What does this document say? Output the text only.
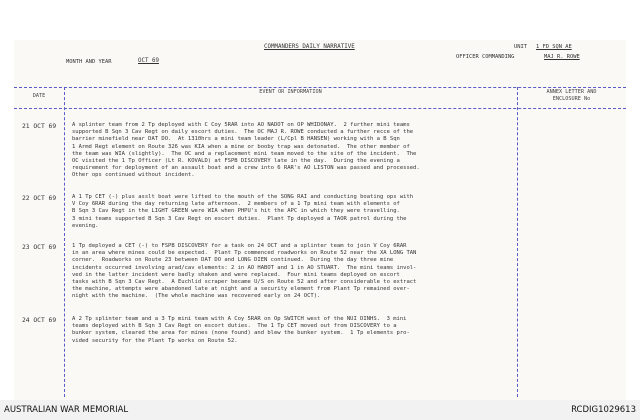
COMMANDERS DAILY NARRATIVE	UNIT 1 FD SQN AE
MONTH AND YEAR	OCT 69
OFFICER COMMANDING	MAJ R. ROWE
DATE
EVENT OR INFORMATION	ANNEX LETTER AND
ENCLOSURE No
21 OCT 69	A splinter team from 2 Tp deployed with C Coy 5RAR into AO NADOT on OP WHIDONAY.  2 further mini teams
supported B Sqn 3 Cav Regt on daily escort duties.  The OC MAJ R. ROWE conducted a further recce of the
barrier minefield near DAT DO.  At 1310hrs a mini team leader (L/Cpl B HANSEN) working with a B Sqn
1 Armd Regt element on Route 326 was KIA when a mine or booby trap was detonated.  The other member of
the team was WIA (slightly).  The OC and a replacement mini team moved to the site of the incident.  The
OC visited the 1 Tp Officer (Lt R. KOVALD) at FSPB DISCOVERY late in the day.  During the evening a
requirement for deployment of an assault boat and a crew into 6 RAR's AO LISTON was passed and processed.
Other ops continued without incident.
22 OCT 69	A 1 Tp CET (-) plus asslt boat were lifted to the mouth of the SONG RAI and conducting boating ops with
V Coy 6RAR during the day returning late afternoon.  2 members of a 1 Tp mini team with elements of
B Sqn 3 Cav Regt in the LIGHT GREEN were WIA when PHPU's hit the APC in which they were travelling.
3 mini teams supported B Sqn 3 Cav Regt on escort duties.  Plant Tp deployed a TAOR patrol during the
evening.
23 OCT 69	1 Tp deployed a CET (-) to FSPB DISCOVERY for a task on 24 OCT and a splinter team to join V Coy 6RAR
in an area where mines could be expected.  Plant Tp commenced roadworks on Route 52 near the XA LONG TAN
corner.  Roadworks on Route 23 between DAT DO and LONG DIEN continued.  During the day three mine
incidents occurred involving arad/cav elements: 2 in AO HABOT and 1 in AO STUART.  The mini teams invol-
ved in the latter incident were badly shaken and were replaced.  Four mini teams deployed on escort
tasks with B Sqn 3 Cav Regt.  A Euchlid scraper became U/S on Route 52 and after considerable to extract
the machine, attempts were abandoned late at night and a security element from Plant Tp remained over-
night with the machine.  (The whole machine was recovered early on 24 OCT).
24 OCT 69	A 2 Tp splinter team and a 3 Tp mini team with A Coy 5RAR on Op SWITCH west of the NUI DINHS.  3 mini
teams deployed with B Sqn 3 Cav Regt on escort duties.  The 1 Tp CET moved out from DISCOVERY to a
bunker system, cleared the area for mines (none found) and blew the bunker system.  1 Tp elements pro-
vided security for the Plant Tp works on Route 52.
AUSTRALIAN WAR MEMORIAL	RCDIG1029613
